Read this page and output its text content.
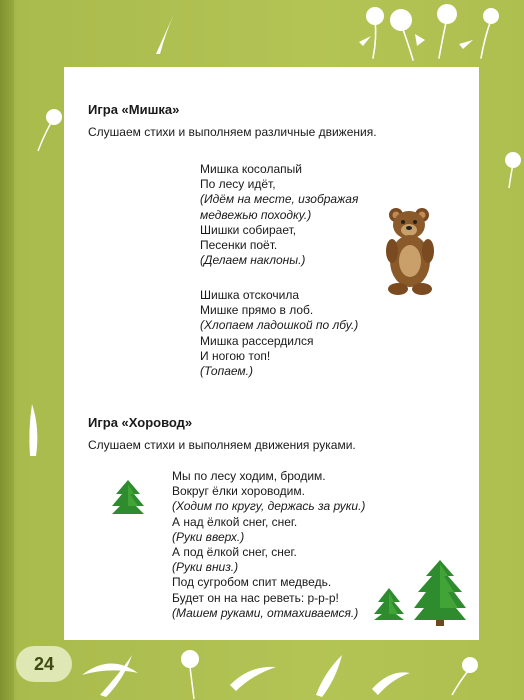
24
Игра «Мишка»
Слушаем стихи и выполняем различные движения.
Мишка косолапый
По лесу идёт,
(Идём на месте, изображая
медвежью походку.)
Шишки собирает,
Песенки поёт.
(Делаем наклоны.)
Шишка отскочила
Мишке прямо в лоб.
(Хлопаем ладошкой по лбу.)
Мишка рассердился
И ногою топ!
(Топаем.)
Игра «Хоровод»
Слушаем стихи и выполняем движения руками.
Мы по лесу ходим, бродим.
Вокруг ёлки хороводим.
(Ходим по кругу, держась за руки.)
А над ёлкой снег, снег.
(Руки вверх.)
А под ёлкой снег, снег.
(Руки вниз.)
Под сугробом спит медведь.
Будет он на нас реветь: р-р-р!
(Машем руками, отмахиваемся.)
